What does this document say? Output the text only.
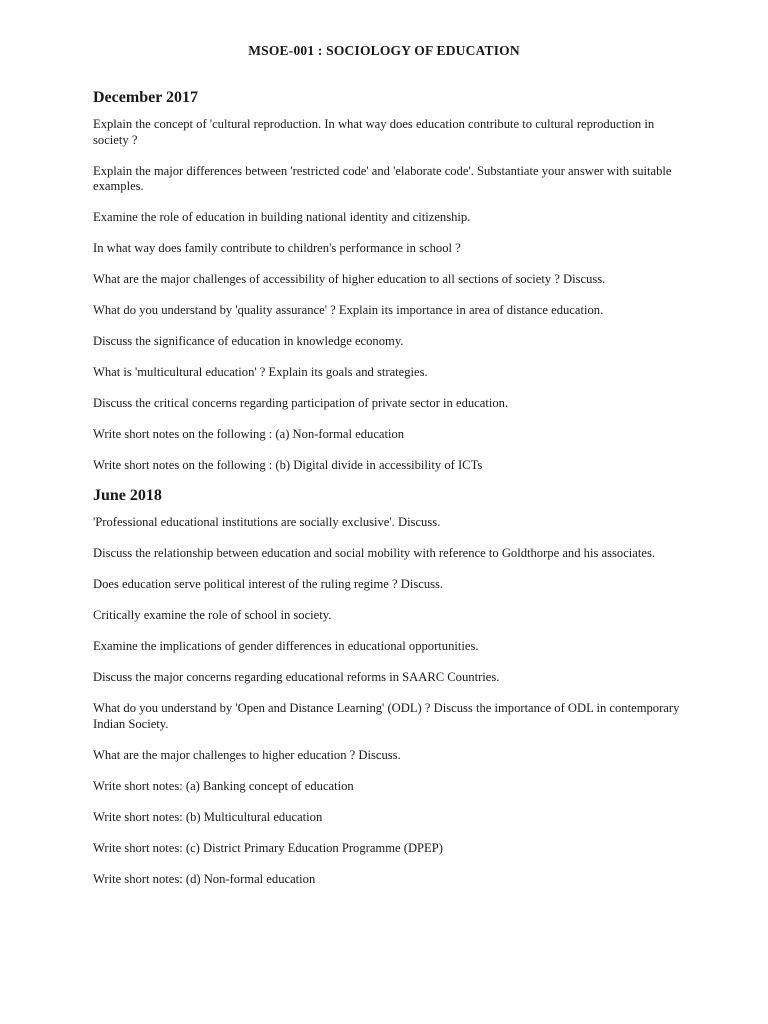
MSOE-001 : SOCIOLOGY OF EDUCATION
December 2017
Explain the concept of 'cultural reproduction. In what way does education contribute to cultural reproduction in society ?
Explain the major differences between 'restricted code' and 'elaborate code'. Substantiate your answer with suitable examples.
Examine the role of education in building national identity and citizenship.
In what way does family contribute to children's performance in school ?
What are the major challenges of accessibility of higher education to all sections of society ? Discuss.
What do you understand by 'quality assurance' ? Explain its importance in area of distance education.
Discuss the significance of education in knowledge economy.
What is 'multicultural education' ? Explain its goals and strategies.
Discuss the critical concerns regarding participation of private sector in education.
Write short notes on the following : (a) Non-formal education
Write short notes on the following : (b) Digital divide in accessibility of ICTs
June 2018
'Professional educational institutions are socially exclusive'. Discuss.
Discuss the relationship between education and social mobility with reference to Goldthorpe and his associates.
Does education serve political interest of the ruling regime ? Discuss.
Critically examine the role of school in society.
Examine the implications of gender differences in educational opportunities.
Discuss the major concerns regarding educational reforms in SAARC Countries.
What do you understand by 'Open and Distance Learning' (ODL) ? Discuss the importance of ODL in contemporary Indian Society.
What are the major challenges to higher education ? Discuss.
Write short notes: (a) Banking concept of education
Write short notes: (b) Multicultural education
Write short notes: (c) District Primary Education Programme (DPEP)
Write short notes: (d) Non-formal education
